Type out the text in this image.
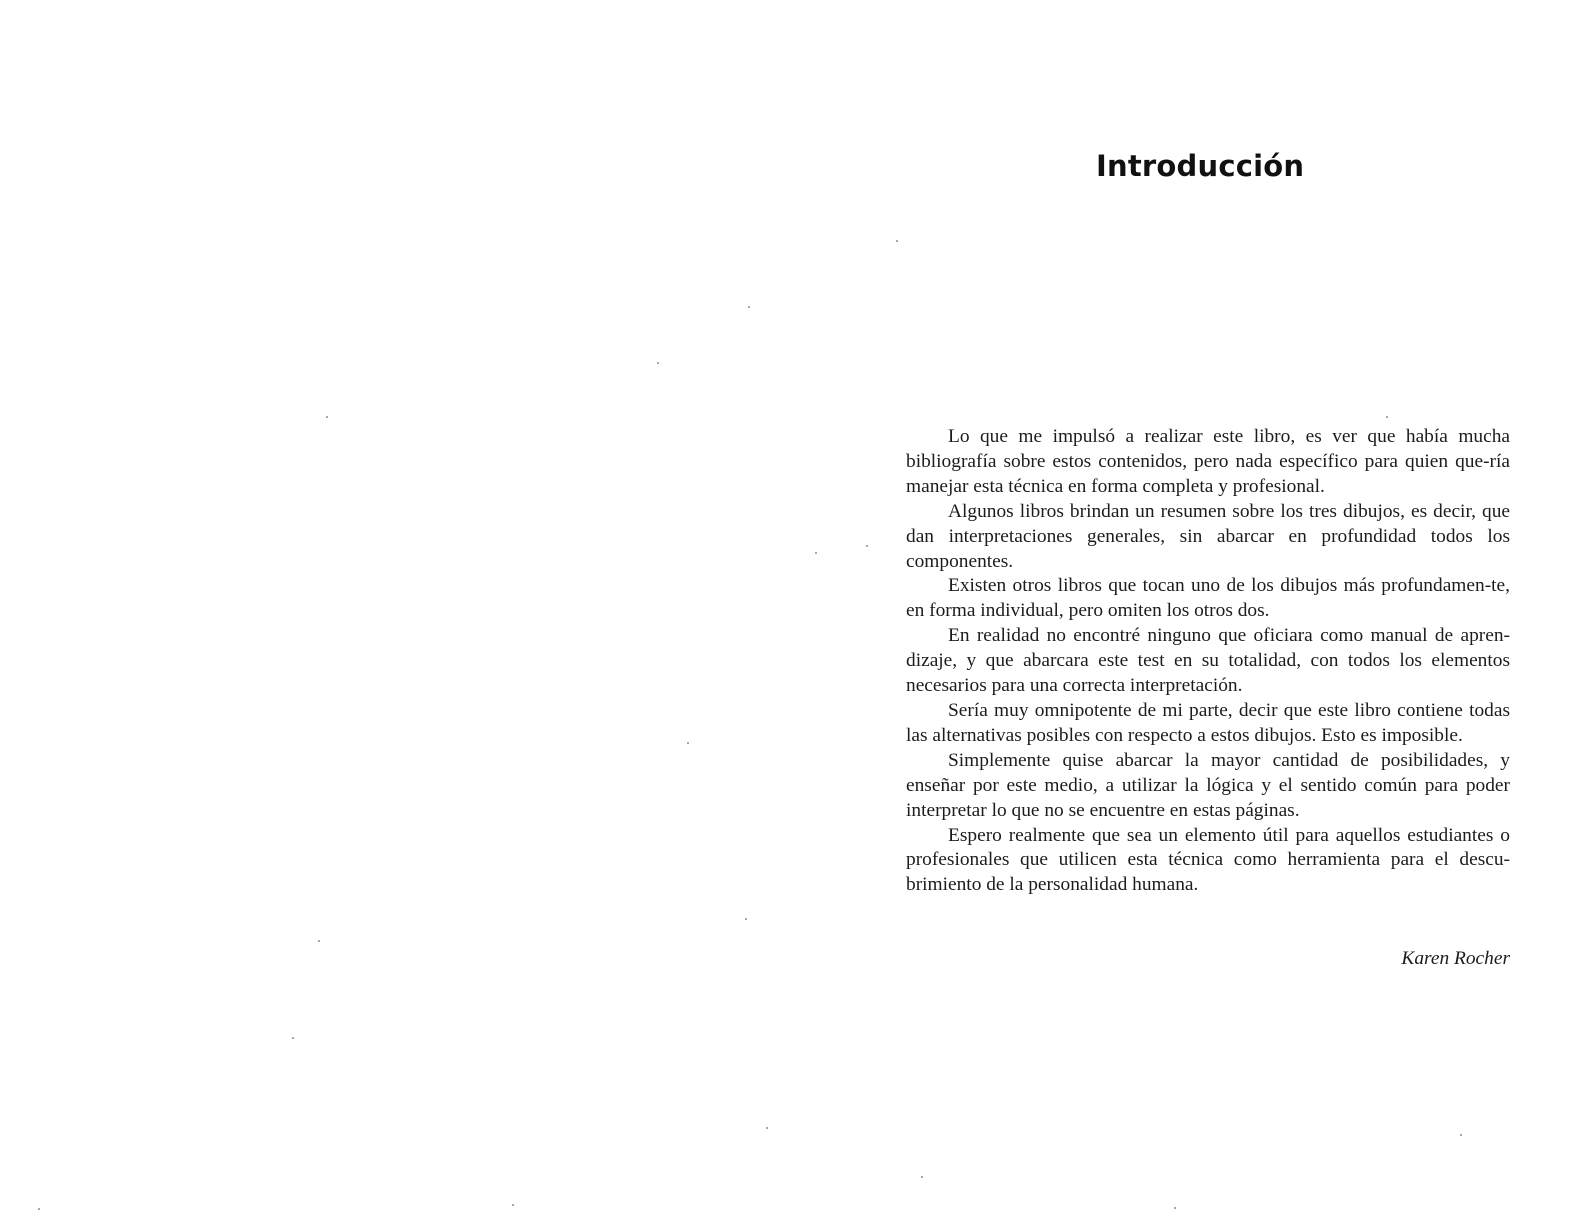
Introducción

Lo que me impulsó a realizar este libro, es ver que había mucha bibliografía sobre estos contenidos, pero nada específico para quien que-ría manejar esta técnica en forma completa y profesional.

Algunos libros brindan un resumen sobre los tres dibujos, es decir, que dan interpretaciones generales, sin abarcar en profundidad todos los componentes.

Existen otros libros que tocan uno de los dibujos más profundamen-te, en forma individual, pero omiten los otros dos.

En realidad no encontré ninguno que oficiara como manual de apren-dizaje, y que abarcara este test en su totalidad, con todos los elementos necesarios para una correcta interpretación.

Sería muy omnipotente de mi parte, decir que este libro contiene todas las alternativas posibles con respecto a estos dibujos. Esto es imposible.

Simplemente quise abarcar la mayor cantidad de posibilidades, y enseñar por este medio, a utilizar la lógica y el sentido común para poder interpretar lo que no se encuentre en estas páginas.

Espero realmente que sea un elemento útil para aquellos estudiantes o profesionales que utilicen esta técnica como herramienta para el descu-brimiento de la personalidad humana.

Karen Rocher
